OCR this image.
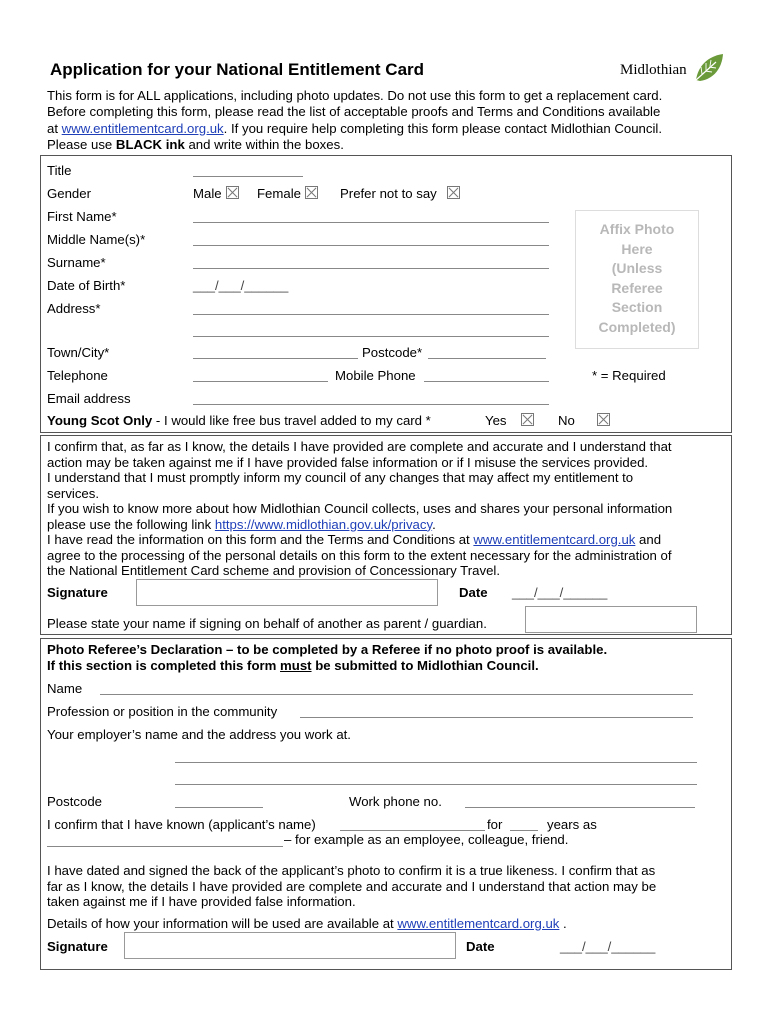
Application for your National Entitlement Card	Midlothian
This form is for ALL applications, including photo updates. Do not use this form to get a replacement card.
Before completing this form, please read the list of acceptable proofs and Terms and Conditions available
at www.entitlementcard.org.uk. If you require help completing this form please contact Midlothian Council.
Please use BLACK ink and write within the boxes.
Title
Gender	Male	Female	Prefer not to say
First Name*
Middle Name(s)*
Surname*
Date of Birth*	___/___/______
Address*
Town/City*	Postcode*
Telephone	Mobile Phone
Email address
Young Scot Only - I would like free bus travel added to my card *	Yes	No
Affix Photo
Here
(Unless
Referee
Section
Completed)
* = Required
I confirm that, as far as I know, the details I have provided are complete and accurate and I understand that
action may be taken against me if I have provided false information or if I misuse the services provided.
I understand that I must promptly inform my council of any changes that may affect my entitlement to
services.
If you wish to know more about how Midlothian Council collects, uses and shares your personal information
please use the following link https://www.midlothian.gov.uk/privacy.
I have read the information on this form and the Terms and Conditions at www.entitlementcard.org.uk and
agree to the processing of the personal details on this form to the extent necessary for the administration of
the National Entitlement Card scheme and provision of Concessionary Travel.
Signature	Date ___/___/______
Please state your name if signing on behalf of another as parent / guardian.
Photo Referee’s Declaration – to be completed by a Referee if no photo proof is available.
If this section is completed this form must be submitted to Midlothian Council.
Name
Profession or position in the community
Your employer’s name and the address you work at.
Postcode	Work phone no.
I confirm that I have known (applicant’s name)	for	years as
– for example as an employee, colleague, friend.
I have dated and signed the back of the applicant’s photo to confirm it is a true likeness. I confirm that as
far as I know, the details I have provided are complete and accurate and I understand that action may be
taken against me if I have provided false information.
Details of how your information will be used are available at www.entitlementcard.org.uk .
Signature	Date	___/___/______
